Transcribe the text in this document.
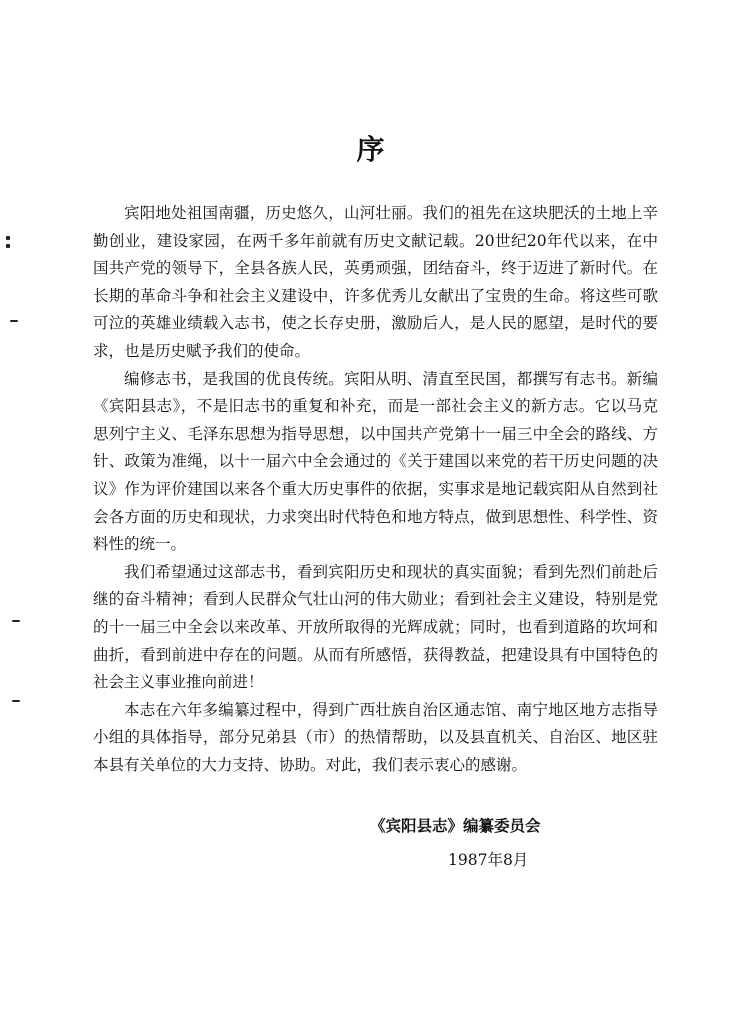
序

宾阳地处祖国南疆，历史悠久，山河壮丽。我们的祖先在这块肥沃的土地上辛勤创业，建设家园，在两千多年前就有历史文献记载。20世纪20年代以来，在中国共产党的领导下，全县各族人民，英勇顽强，团结奋斗，终于迈进了新时代。在长期的革命斗争和社会主义建设中，许多优秀儿女献出了宝贵的生命。将这些可歌可泣的英雄业绩载入志书，使之长存史册，激励后人，是人民的愿望，是时代的要求，也是历史赋予我们的使命。

编修志书，是我国的优良传统。宾阳从明、清直至民国，都撰写有志书。新编《宾阳县志》，不是旧志书的重复和补充，而是一部社会主义的新方志。它以马克思列宁主义、毛泽东思想为指导思想，以中国共产党第十一届三中全会的路线、方针、政策为准绳，以十一届六中全会通过的《关于建国以来党的若干历史问题的决议》作为评价建国以来各个重大历史事件的依据，实事求是地记载宾阳从自然到社会各方面的历史和现状，力求突出时代特色和地方特点，做到思想性、科学性、资料性的统一。

我们希望通过这部志书，看到宾阳历史和现状的真实面貌；看到先烈们前赴后继的奋斗精神；看到人民群众气壮山河的伟大勋业；看到社会主义建设，特别是党的十一届三中全会以来改革、开放所取得的光辉成就；同时，也看到道路的坎坷和曲折，看到前进中存在的问题。从而有所感悟，获得教益，把建设具有中国特色的社会主义事业推向前进！

本志在六年多编纂过程中，得到广西壮族自治区通志馆、南宁地区地方志指导小组的具体指导，部分兄弟县（市）的热情帮助，以及县直机关、自治区、地区驻本县有关单位的大力支持、协助。对此，我们表示衷心的感谢。

《宾阳县志》编纂委员会
1987年8月
